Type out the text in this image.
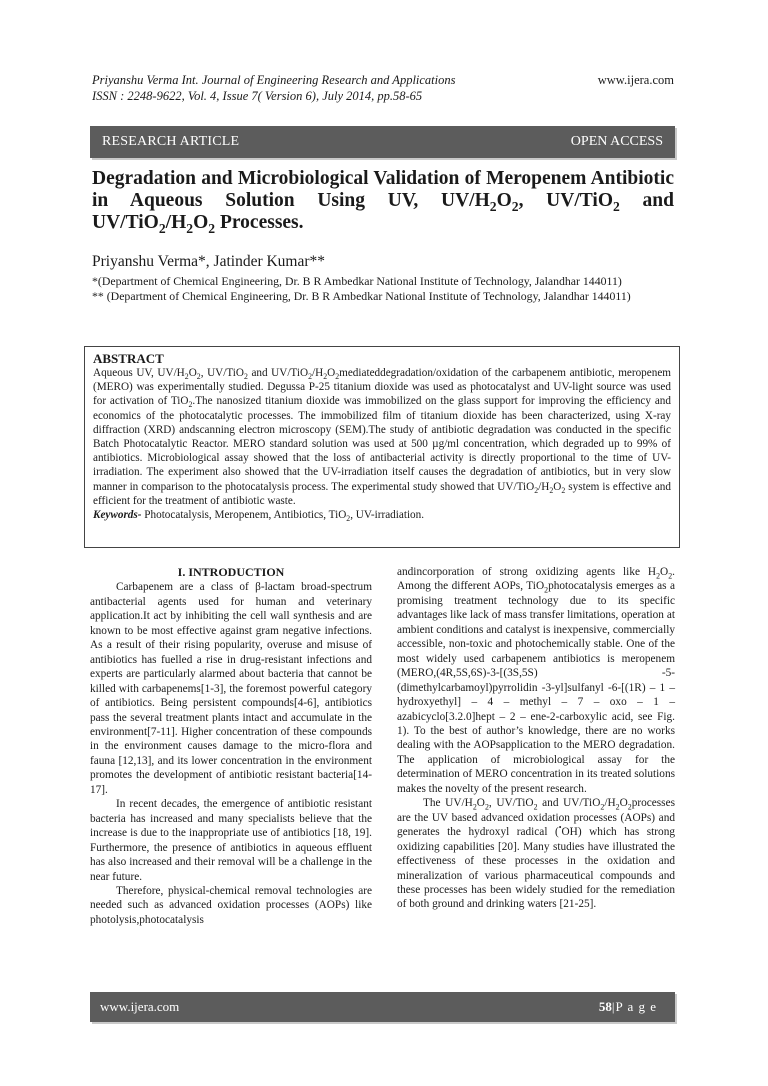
Priyanshu Verma Int. Journal of Engineering Research and Applications
ISSN : 2248-9622, Vol. 4, Issue 7( Version 6), July 2014, pp.58-65
www.ijera.com
RESEARCH ARTICLE	OPEN ACCESS
Degradation and Microbiological Validation of Meropenem Antibiotic in Aqueous Solution Using UV, $UV/H_2O_2$, UV/TiO$_2$ and $UV/TiO_2/H_2O_2$ Processes.
Priyanshu Verma*, Jatinder Kumar**
*(Department of Chemical Engineering, Dr. B R Ambedkar National Institute of Technology, Jalandhar 144011)
** (Department of Chemical Engineering, Dr. B R Ambedkar National Institute of Technology, Jalandhar 144011)
ABSTRACT
Aqueous UV, $UV/H_2O_2$, UV/TiO$_2$ and $UV/TiO_2/H_2O_2mediateddegradation$/oxidation of the carbapenem antibiotic, meropenem (MERO) was experimentally studied. Degussa P-25 titanium dioxide was used as photocatalyst and UV-light source was used for activation of TiO$_2$.The nanosized titanium dioxide was immobilized on the glass support for improving the efficiency and economics of the photocatalytic processes. The immobilized film of titanium dioxide has been characterized, using X-ray diffraction (XRD) andscanning electron microscopy (SEM).The study of antibiotic degradation was conducted in the specific Batch Photocatalytic Reactor. MERO standard solution was used at 500 µg/ml concentration, which degraded up to 99% of antibiotics. Microbiological assay showed that the loss of antibacterial activity is directly proportional to the time of UV-irradiation. The experiment also showed that the UV-irradiation itself causes the degradation of antibiotics, but in very slow manner in comparison to the photocatalysis process. The experimental study showed that $UV/TiO_2/H_2O_2$ system is effective and efficient for the treatment of antibiotic waste.
Keywords- Photocatalysis, Meropenem, Antibiotics, TiO$_2$, UV-irradiation.
I. INTRODUCTION

Carbapenem are a class of β-lactam broad-spectrum antibacterial agents used for human and veterinary application.It act by inhibiting the cell wall synthesis and are known to be most effective against gram negative infections. As a result of their rising popularity, overuse and misuse of antibiotics has fuelled a rise in drug-resistant infections and experts are particularly alarmed about bacteria that cannot be killed with carbapenems[1-3], the foremost powerful category of antibiotics. Being persistent compounds[4-6], antibiotics pass the several treatment plants intact and accumulate in the environment[7-11]. Higher concentration of these compounds in the environment causes damage to the micro-flora and fauna [12,13], and its lower concentration in the environment promotes the development of antibiotic resistant bacteria[14-17].

In recent decades, the emergence of antibiotic resistant bacteria has increased and many specialists believe that the increase is due to the inappropriate use of antibiotics [18, 19]. Furthermore, the presence of antibiotics in aqueous effluent has also increased and their removal will be a challenge in the near future.

Therefore, physical-chemical removal technologies are needed such as advanced oxidation processes (AOPs) like photolysis,photocatalysis

andincorporation of strong oxidizing agents like $H_2O_2$. Among the different AOPs, TiO$_2$photocatalysis emerges as a promising treatment technology due to its specific advantages like lack of mass transfer limitations, operation at ambient conditions and catalyst is inexpensive, commercially accessible, non-toxic and photochemically stable. One of the most widely used carbapenem antibiotics is meropenem (MERO,(4R,5S,6S)-3-[(3S,5S) -5-(dimethylcarbamoyl)pyrrolidin -3-yl]sulfanyl -6-[(1R) – 1 – hydroxyethyl] – 4 – methyl – 7 – oxo – 1 – azabicyclo[3.2.0]hept – 2 – ene-2-carboxylic acid, see Fig. 1). To the best of author’s knowledge, there are no works dealing with the AOPsapplication to the MERO degradation. The application of microbiological assay for the determination of MERO concentration in its treated solutions makes the novelty of the present research.

The $UV/H_2O_2$, UV/TiO$_2$ and $UV/TiO_2/H_2O_2processes$ are the UV based advanced oxidation processes (AOPs) and generates the hydroxyl radical (•OH) which has strong oxidizing capabilities [20]. Many studies have illustrated the effectiveness of these processes in the oxidation and mineralization of various pharmaceutical compounds and these processes has been widely studied for the remediation of both ground and drinking waters [21-25].

www.ijera.com	58|P a g e
